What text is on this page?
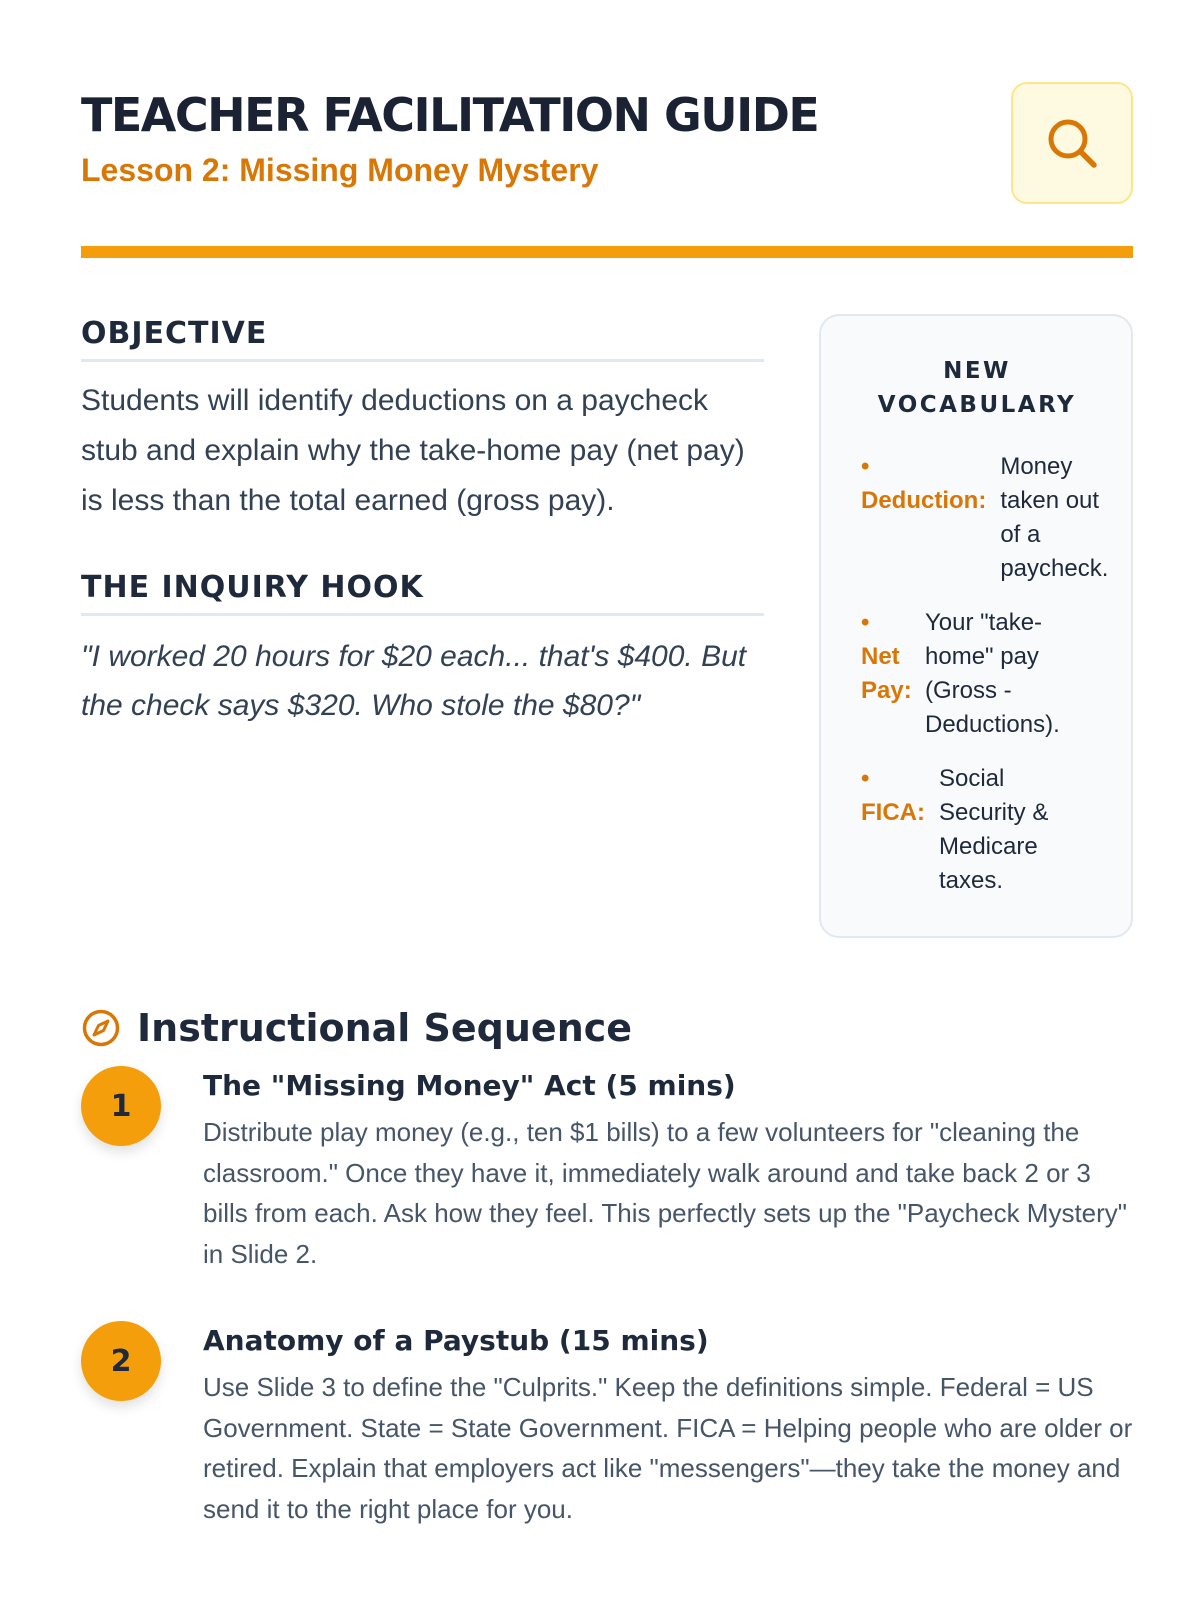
TEACHER FACILITATION GUIDE
Lesson 2: Missing Money Mystery
OBJECTIVE

Students will identify deductions on a paycheck stub and explain why the take-home pay (net pay) is less than the total earned (gross pay).

THE INQUIRY HOOK

"I worked 20 hours for $20 each... that's $400. But the check says $320. Who stole the $80?"

NEW VOCABULARY
•
Deduction:
Money taken out of a paycheck.
•
Net Pay:
Your "take-home" pay (Gross - Deductions).
•
FICA:
Social Security & Medicare taxes.
Instructional Sequence
1
The "Missing Money" Act (5 mins)

Distribute play money (e.g., ten $1 bills) to a few volunteers for "cleaning the classroom." Once they have it, immediately walk around and take back 2 or 3 bills from each. Ask how they feel. This perfectly sets up the "Paycheck Mystery" in Slide 2.

2
Anatomy of a Paystub (15 mins)

Use Slide 3 to define the "Culprits." Keep the definitions simple. Federal = US Government. State = State Government. FICA = Helping people who are older or retired. Explain that employers act like "messengers"—they take the money and send it to the right place for you.
